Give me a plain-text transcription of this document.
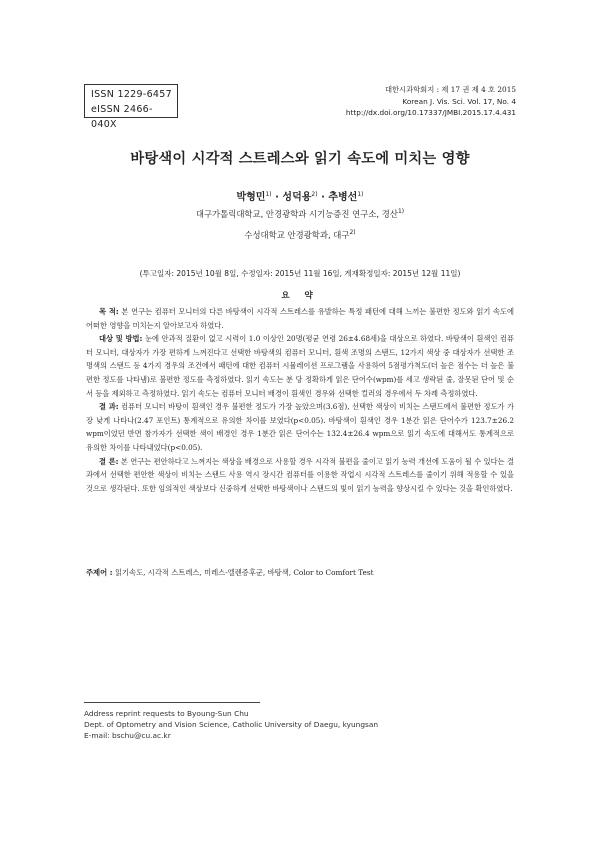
ISSN 1229-6457
eISSN 2466-040X
대한시과학회지 : 제 17 권 제 4 호 2015
Korean J. Vis. Sci. Vol. 17, No. 4
http://dx.doi.org/10.17337/JMBI.2015.17.4.431
바탕색이 시각적 스트레스와 읽기 속도에 미치는 영향
박형민$^{1)}$ · 성덕용$^{2)}$ · 추병선$^{1)}$
대구가톨릭대학교, 안경광학과 시기능증진 연구소, 경산$^{1)}$
수성대학교 안경광학과, 대구$^{2)}$
(투고일자: 2015년 10월 8일, 수정일자: 2015년 11월 16일, 게재확정일자: 2015년 12월 11일)
요 약

목 적: 본 연구는 컴퓨터 모니터의 다른 바탕색이 시각적 스트레스를 유발하는 특정 패턴에 대해 느끼는 불편한 정도와 읽기 속도에 어떠한 영향을 미치는지 알아보고자 하였다.

대상 및 방법: 눈에 안과적 질환이 없고 시력이 1.0 이상인 20명(평균 연령 26±4.68세)을 대상으로 하였다. 바탕색이 흰색인 컴퓨터 모니터, 대상자가 가장 편하게 느껴진다고 선택한 바탕색의 컴퓨터 모니터, 흰색 조명의 스탠드, 12가지 색상 중 대상자가 선택한 조명색의 스탠드 등 4가지 경우의 조건에서 패턴에 대한 컴퓨터 시뮬레이션 프로그램을 사용하여 5점평가척도(더 높은 점수는 더 높은 불편한 정도를 나타냄)로 불편한 정도를 측정하였다. 읽기 속도는 분 당 정확하게 읽은 단어수(wpm)를 세고 생략된 줄, 잘못된 단어 및 순서 등을 제외하고 측정하였다. 읽기 속도는 컴퓨터 모니터 배경이 흰색인 경우와 선택한 컬러의 경우에서 두 차례 측정하였다.

결 과: 컴퓨터 모니터 바탕이 흰색인 경우 불편한 정도가 가장 높았으며(3.6점), 선택한 색상이 비치는 스탠드에서 불편한 정도가 가장 낮게 나타나(2.47 포인트) 통계적으로 유의한 차이를 보였다(p<0.05). 바탕색이 흰색인 경우 1분간 읽은 단어수가 123.7±26.2 wpm이었던 반면 참가자가 선택한 색이 배경인 경우 1분간 읽은 단어수는 132.4±26.4 wpm으로 읽기 속도에 대해서도 통계적으로 유의한 차이를 나타내었다(p<0.05).

결 론: 본 연구는 편안하다고 느껴지는 색상을 배경으로 사용할 경우 시각적 불편을 줄이고 읽기 능력 개선에 도움이 될 수 있다는 결과에서 선택한 편안한 색상이 비치는 스탠드 사용 역시 장시간 컴퓨터를 이용한 작업시 시각적 스트레스를 줄이기 위해 적용할 수 있을 것으로 생각된다. 또한 임의적인 색상보다 신중하게 선택한 바탕색이나 스탠드의 빛이 읽기 능력을 향상시킬 수 있다는 것을 확인하였다.

주제어 : 읽기속도, 시각적 스트레스, 미레스-엘렌증후군, 바탕색, Color to Comfort Test
Address reprint requests to Byoung-Sun Chu
Dept. of Optometry and Vision Science, Catholic University of Daegu, kyungsan
E-mail: bschu@cu.ac.kr
